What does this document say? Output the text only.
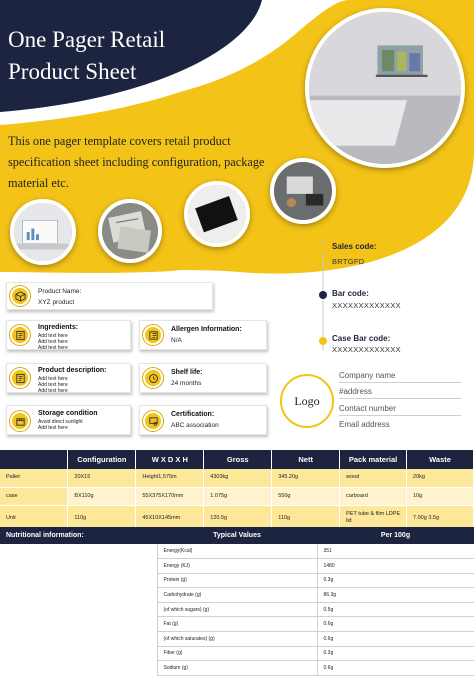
One Pager Retail
Product Sheet
This one pager template covers retail product specification sheet including configuration, package material etc.
Sales code:
BRTGFD
Bar code:
XXXXXXXXXXXXX
Case Bar code:
XXXXXXXXXXXXX
Product Name:
XYZ product
Ingredients:
Add text here
Add text here
Add text here
Allergen Information:
N/A
Product description:
Add text here
Add text here
Add text here
Shelf life:
24 months
Storage condition
Avoid direct sunlight
Add text here
Certification:
ABC association
Logo
Company name
#address
Contact number
Email address
	Configuration	W X D X H	Gross	Nett	Pack material	Waste
Pallet	20X15	Height1,575m	4303kg	345.20g	wood	20kg
case	BX110g	55X375X170mm	1.075g	550g	carboard	10g
Unit	110g	45X10X145mm	120.5g	110g	PET tube & film LDPE lid	7.00g 3.5g
Nutritional information:	Typical Values	Per 100g
	Energy(Kcal)	351
	Energy (KJ)	1480
	Protein (g)	0.3g
	Carbohydrate (g)	86.3g
	(of which sugars) (g)	0.5g
	Fat (g)	0.6g
	(of which saturates) (g)	0.6g
	Fiber (g)	0.3g
	Sodium (g)	0.6g
